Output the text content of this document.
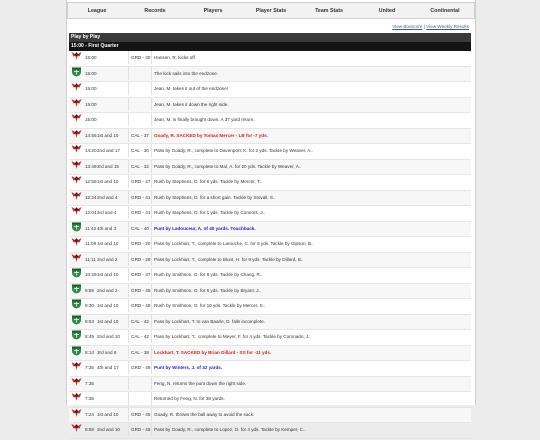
League	Records	Players	Player Stats	Team Stats	United	Continental
View Boxscore | View Weekly Results
Play by Play
15:00 - First Quarter
15:00	GRD - 30 Hansen, R. kicks off.
15:00	The kick sails into the endzone.
15:00	Jean, M. takes it out of the endzone!
15:00	Jean, M. takes it down the right side.
15:00	Jean, M. is finally brought down. A 37 yard return.
14:55 1st and 10	CAL - 37 Goady, R. SACKED by Tomas Mercer - LB for -7 yds.
14:20 2nd and 17 CAL - 30 Pass by Goady, R., complete to Davenport, K. for 2 yds. Tackle by Weaver, A..
13:49 3rd and 15	CAL - 32 Pass by Goady, R., complete to Mal, A. for 20 yds. Tackle by Weaver, A..
12:59 1st and 10	GRD - 47 Rush by Stephens, D. for 6 yds. Tackle by Mercer, T..
12:24 2nd and 4	GRD - 41 Rush by Stephens, D. for a short gain. Tackle by Stovall, S..
12:04 3rd and 4	GRD - 41 Rush by Stephens, D. for 1 yds. Tackle by Connors, J..
11:42 4th and 3	CAL - 40 Punt by Ladouceur, A. of 40 yards. Touchback.
11:09 1st and 10	GRD - 20 Pass by Lockhart, T., complete to Larouche, C. for 8 yds. Tackle by Gipson, B..
11:11 2nd and 2	GRD - 28 Pass by Lockhart, T., complete to Blunt, H. for 9 yds. Tackle by Dillard, B..
10:29 1st and 10	GRD - 37 Rush by Smithson, O. for 8 yds. Tackle by Chang, R..
9:59 2nd and 2	GRD - 45 Rush by Smithson, O. for 5 yds. Tackle by Bryant, J..
9:30 1st and 10	GRD - 48 Rush by Smithson, O. for 10 yds. Tackle by Mercer, S..
8:53 1st and 10	CAL - 42 Pass by Lockhart, T. to van Baarle, D. falls incomplete.
8:49 2nd and 10 CAL - 42 Pass by Lockhart, T., complete to Meyer, F. for 4 yds. Tackle by Coronado, J..
8:14 3rd and 6	CAL - 38 Lockhart, T. SACKED by Brian Dillard - SS for -11 yds.
7:35 4th and 17	GRD - 49 Punt by Winters, J. of 32 yards.
7:35	Feng, N. returns the punt down the right side.
7:35	Returned by Feng, N. for 38 yards.
7:24 1st and 10	GRD - 45 Goady, R. throws the ball away to avoid the sack.
6:59 2nd and 10 GRD - 45 Pass by Goady, R., complete to Lopez, O. for 4 yds. Tackle by Kemper, C..
